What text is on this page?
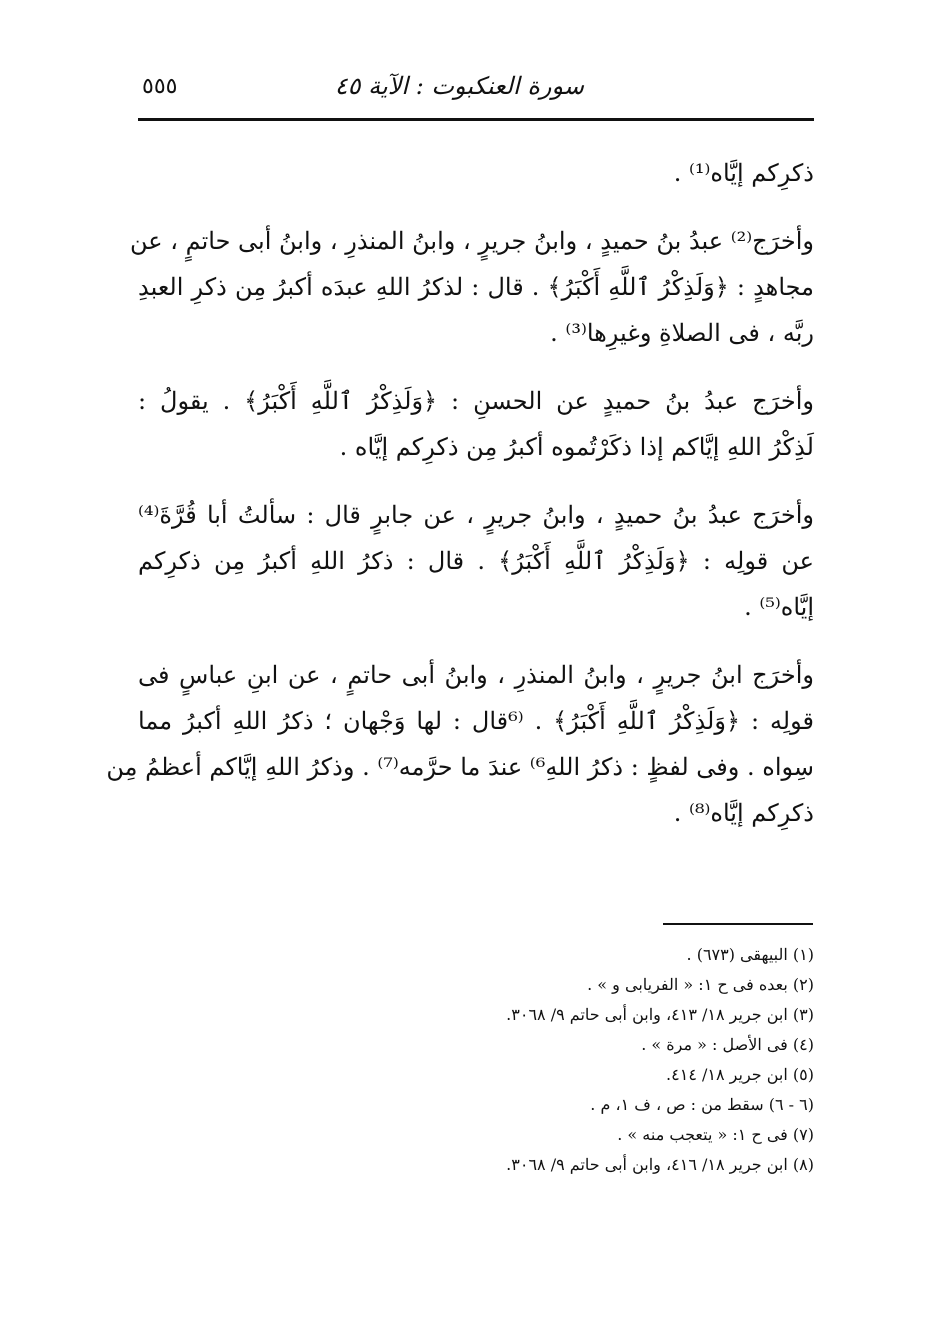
سورة العنكبوت : الآية ٤٥
٥٥٥
ذكرِكم إيَّاه⁽¹⁾ .
وأخرَج⁽²⁾ عبدُ بنُ حميدٍ ، وابنُ جريرٍ ، وابنُ المنذرِ ، وابنُ أبى حاتمٍ ، عن
مجاهدٍ : ﴿وَلَذِكْرُ ٱللَّهِ أَكْبَرُ﴾ . قال : لذكرُ اللهِ عبدَه أكبرُ مِن ذكرِ العبدِ
ربَّه ، فى الصلاةِ وغيرِها⁽³⁾ .
وأخرَج عبدُ بنُ حميدٍ عن الحسنِ : ﴿وَلَذِكْرُ ٱللَّهِ أَكْبَرُ﴾ . يقولُ :
لَذِكْرُ اللهِ إيَّاكم إذا ذكَرْتُموه أكبرُ مِن ذكرِكم إيَّاه .
وأخرَج عبدُ بنُ حميدٍ ، وابنُ جريرٍ ، عن جابرٍ قال : سألتُ أبا قُرَّةَ⁽⁴⁾
عن قولِه : ﴿وَلَذِكْرُ ٱللَّهِ أَكْبَرُ﴾ . قال : ذكرُ اللهِ أكبرُ مِن ذكرِكم
إيَّاه⁽⁵⁾ .
وأخرَج ابنُ جريرٍ ، وابنُ المنذرِ ، وابنُ أبى حاتمٍ ، عن ابنِ عباسٍ فى
قولِه : ﴿وَلَذِكْرُ ٱللَّهِ أَكْبَرُ﴾ . ⁽⁶قال : لها وَجْهان ؛ ذكرُ اللهِ أكبرُ مما
سِواه . وفى لفظٍ : ذكرُ اللهِ⁶⁾ عندَ ما حرَّمه⁽⁷⁾ . وذكرُ اللهِ إيَّاكم أعظمُ مِن
ذكرِكم إيَّاه⁽⁸⁾ .
(١) البيهقى (٦٧٣) .
(٢) بعده فى ح ١: « الفريابى و » .
(٣) ابن جرير ١٨/ ٤١٣، وابن أبى حاتم ٩/ ٣٠٦٨.
(٤) فى الأصل : « مرة » .
(٥) ابن جرير ١٨/ ٤١٤.
(٦ - ٦) سقط من : ص ، ف ١، م .
(٧) فى ح ١: « يتعجب منه » .
(٨) ابن جرير ١٨/ ٤١٦، وابن أبى حاتم ٩/ ٣٠٦٨.
